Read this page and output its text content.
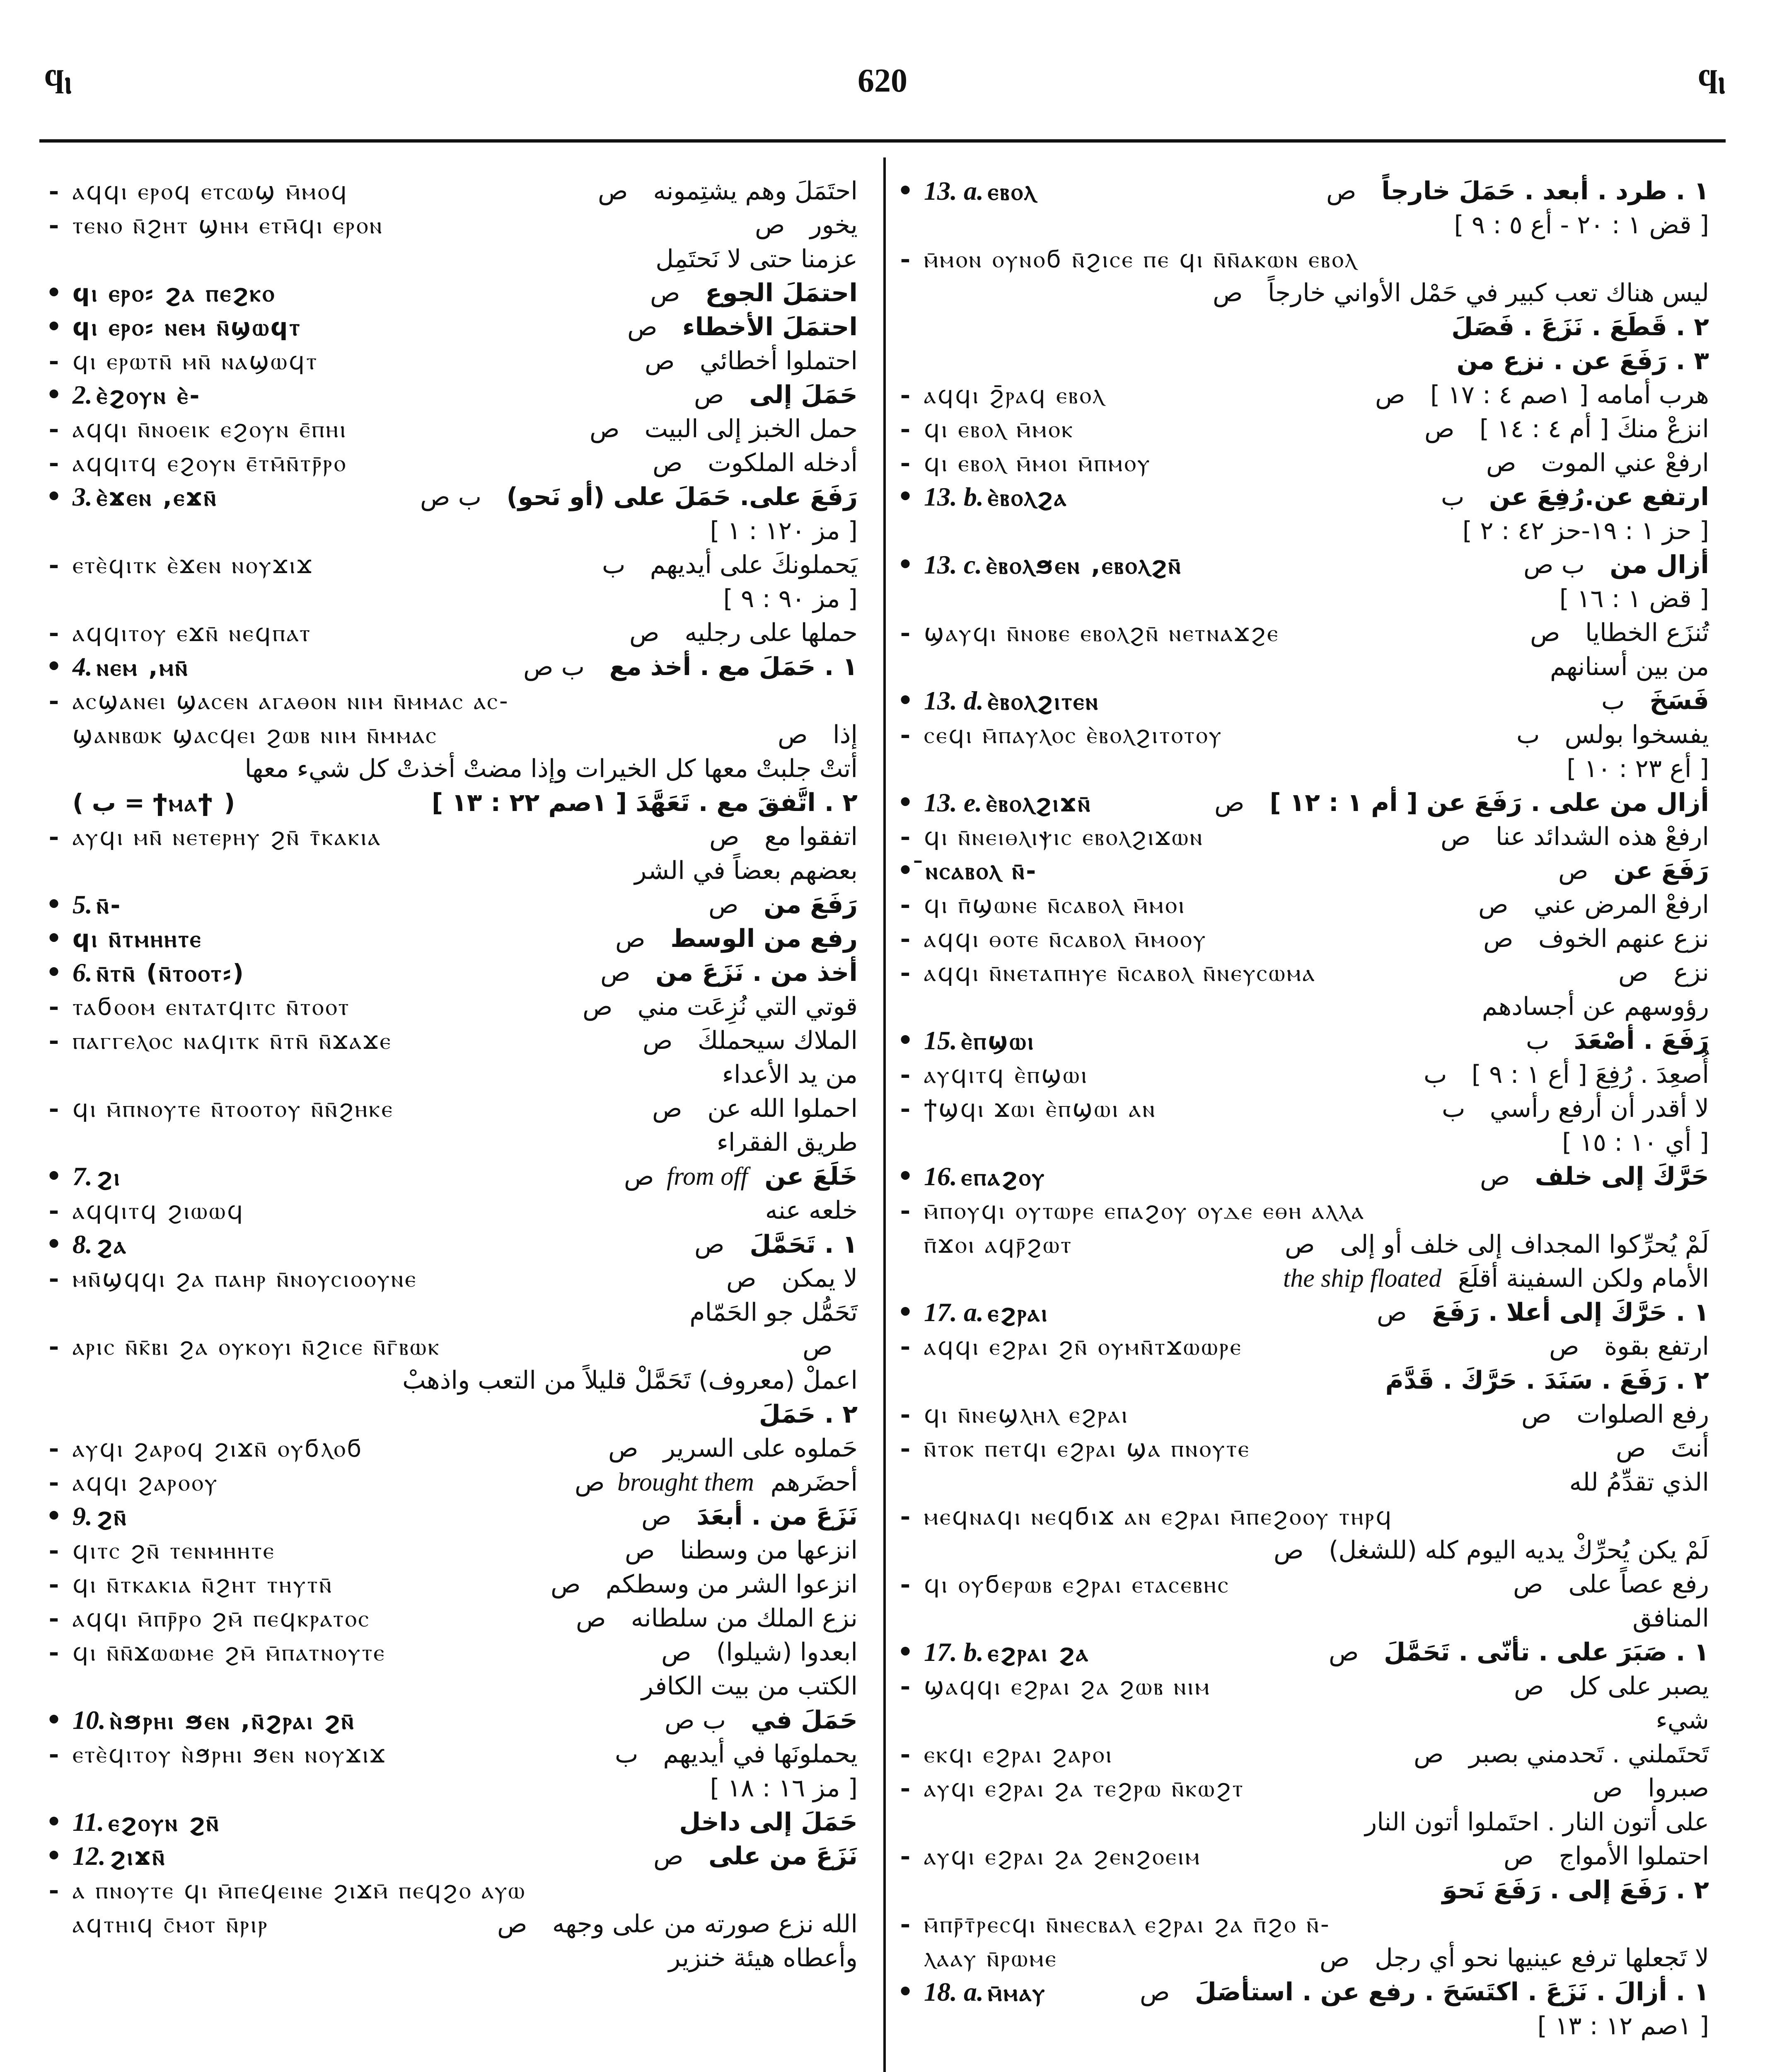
ϥⲓ	620	ϥⲓ
- ⲁϥϥⲓ ⲉⲣⲟϥ ⲉⲧⲥⲱϣ ⲙ̄ⲙⲟϥ	احتَمَلَ وهم يشتِمونه
ص
- ⲧⲉⲛⲟ ⲛ̄ϩⲏⲧ ϣⲏⲙ ⲉⲧⲙ̄ϥⲓ ⲉⲣⲟⲛ	يخور
ص
عزمنا حتى لا نَحتَمِل
• ϥⲓ ⲉⲣⲟ⸗ ϩⲁ ⲡⲉϩⲕⲟ	احتمَلَ الجوع
ص
• ϥⲓ ⲉⲣⲟ⸗ ⲛⲉⲙ ⲛ̄ϣⲱϥⲧ	احتمَلَ الأخطاء
ص
- ϥⲓ ⲉⲣⲱⲧⲛ̄ ⲙⲛ̄ ⲛⲁϣⲱϥⲧ	احتملوا أخطائي
ص
• 2. ⲉ̀ϩⲟⲩⲛ ⲉ̀-	حَمَلَ إلى
ص
- ⲁϥϥⲓ ⲛ̄ⲛⲟⲉⲓⲕ ⲉϩⲟⲩⲛ ⲉ̄ⲡⲏⲓ	حمل الخبز إلى البيت
ص
- ⲁϥϥⲓⲧϥ ⲉϩⲟⲩⲛ ⲉ̄ⲧⲙ̄ⲛ̄ⲧⲣ̄ⲣⲟ	أدخله الملكوت
ص
• 3. ⲉ̀ϫⲉⲛ ,ⲉϫⲛ̄	رَفَعَ على. حَمَلَ على (أو نَحو)
ب ص
[ مز ١٢٠ : ١ ]
- ⲉⲧⲉ̀ϥⲓⲧⲕ ⲉ̀ϫⲉⲛ ⲛⲟⲩϫⲓϫ	يَحملونكَ على أيديهم
ب
[ مز ٩٠ : ٩ ]
- ⲁϥϥⲓⲧⲟⲩ ⲉϫⲛ̄ ⲛⲉϥⲡⲁⲧ	حملها على رجليه
ص
• 4. ⲛⲉⲙ ,ⲙⲛ̄	١ . حَمَلَ مع . أخذ مع
ب ص
- ⲁⲥϣⲁⲛⲉⲓ ϣⲁⲥⲉⲛ ⲁⲅⲁⲑⲟⲛ ⲛⲓⲙ ⲛ̄ⲙⲙⲁⲥ ⲁⲥ-
ϣⲁⲛⲃⲱⲕ ϣⲁⲥϥⲉⲓ ϩⲱⲃ ⲛⲓⲙ ⲛ̄ⲙⲙⲁⲥ	إذا
ص
أتتْ جلبتْ معها كل الخيرات وإذا مضتْ أخذتْ كل شيء معها
( ب = ϯⲙⲁϯ )	٢ . اتَّفقَ مع . تَعَهَّدَ [ ١صم ٢٢ : ١٣ ]
- ⲁⲩϥⲓ ⲙⲛ̄ ⲛⲉⲧⲉⲣⲏⲩ ϩⲛ̄ ⲧ̄ⲕⲁⲕⲓⲁ	اتفقوا مع
ص
بعضهم بعضاً في الشر
• 5. ⲛ̄-	رَفَعَ من
ص
• ϥⲓ ⲛ̄ⲧⲙⲏⲏⲧⲉ	رفع من الوسط
ص
• 6. ⲛ̄ⲧⲛ̄ (ⲛ̄ⲧⲟⲟⲧ⸗)	أخذ من . نَزَعَ من
ص
- ⲧⲁϭⲟⲟⲙ ⲉⲛⲧⲁⲧϥⲓⲧⲥ ⲛ̄ⲧⲟⲟⲧ	قوتي التي نُزِعَت مني
ص
- ⲡⲁⲅⲅⲉⲗⲟⲥ ⲛⲁϥⲓⲧⲕ ⲛ̄ⲧⲛ̄ ⲛ̄ϫⲁϫⲉ	الملاك سيحملكَ
ص
من يد الأعداء
- ϥⲓ ⲙ̄ⲡⲛⲟⲩⲧⲉ ⲛ̄ⲧⲟⲟⲧⲟⲩ ⲛ̄ⲛ̄ϩⲏⲕⲉ	احملوا الله عن
ص
طريق الفقراء
• 7. ϩⲓ	خَلَعَ عن
ص from off
- ⲁϥϥⲓⲧϥ ϩⲓⲱⲱϥ	خلعه عنه
• 8. ϩⲁ	١ . تَحَمَّلَ
ص
- ⲙⲛ̄ϣϥϥⲓ ϩⲁ ⲡⲁⲏⲣ ⲛ̄ⲛⲟⲩⲥⲓⲟⲟⲩⲛⲉ	لا يمكن
ص
تَحَمُّل جو الحَمّام
- ⲁⲣⲓⲥ ⲛ̄ⲕ̄ⲃⲓ ϩⲁ ⲟⲩⲕⲟⲩⲓ ⲛ̄ϩⲓⲥⲉ ⲛ̄ⲅ̄ⲃⲱⲕ	ص
اعملْ (معروف) تَحَمَّلْ قليلاً من التعب واذهبْ
٢ . حَمَلَ
- ⲁⲩϥⲓ ϩⲁⲣⲟϥ ϩⲓϫⲛ̄ ⲟⲩϭⲗⲟϭ	حَملوه على السرير
ص
- ⲁϥϥⲓ ϩⲁⲣⲟⲟⲩ	أحضَرهم
ص brought them
• 9. ϩⲛ̄	نَزَعَ من . أبعَدَ
ص
- ϥⲓⲧⲥ ϩⲛ̄ ⲧⲉⲛⲙⲏⲏⲧⲉ	انزعها من وسطنا
ص
- ϥⲓ ⲛ̄ⲧⲕⲁⲕⲓⲁ ⲛ̄ϩⲏⲧ ⲧⲏⲩⲧⲛ̄	انزعوا الشر من وسطكم
ص
- ⲁϥϥⲓ ⲙ̄ⲡⲣ̄ⲣⲟ ϩⲙ̄ ⲡⲉϥⲕⲣⲁⲧⲟⲥ	نزع الملك من سلطانه
ص
- ϥⲓ ⲛ̄ⲛ̄ϫⲱⲱⲙⲉ ϩⲙ̄ ⲙ̄ⲡⲁⲧⲛⲟⲩⲧⲉ	ابعدوا (شيلوا)
ص
الكتب من بيت الكافر
• 10. ⲛ̀ϧⲣⲏⲓ ϧⲉⲛ ,ⲛ̄ϩⲣⲁⲓ ϩⲛ̄	حَمَلَ في
ب ص
- ⲉⲧⲉ̀ϥⲓⲧⲟⲩ ⲛ̀ϧⲣⲏⲓ ϧⲉⲛ ⲛⲟⲩϫⲓϫ	يحملونَها في أيديهم
ب
[ مز ١٦ : ١٨ ]
• 11. ⲉϩⲟⲩⲛ ϩⲛ̄	حَمَلَ إلى داخل
• 12. ϩⲓϫⲛ̄	نَزَعَ من على
ص
- ⲁ ⲡⲛⲟⲩⲧⲉ ϥⲓ ⲙ̄ⲡⲉϥⲉⲓⲛⲉ ϩⲓϫⲙ̄ ⲡⲉϥϩⲟ ⲁⲩⲱ
ⲁϥⲧⲏⲓϥ ⲥ̄ⲙⲟⲧ ⲛ̄ⲣⲓⲣ	الله نزع صورته من على وجهه
ص
وأعطاه هيئة خنزير
• 13. a. ⲉⲃⲟⲗ	١ . طرد . أبعد . حَمَلَ خارجاً
ص
[ قض ١ : ٢٠ - أع ٥ : ٩ ]
- ⲙ̄ⲙⲟⲛ ⲟⲩⲛⲟϭ ⲛ̄ϩⲓⲥⲉ ⲡⲉ ϥⲓ ⲛ̄ⲛ̄ⲁⲕⲱⲛ ⲉⲃⲟⲗ
ليس هناك تعب كبير في حَمْل الأواني خارجاً
ص
٢ . قَطَعَ . نَزَعَ . فَصَلَ
٣ . رَفَعَ عن . نزع من
- ⲁϥϥⲓ ϩ̄ⲣⲁϥ ⲉⲃⲟⲗ	هرب أمامه [ ١صم ٤ : ١٧ ]
ص
- ϥⲓ ⲉⲃⲟⲗ ⲙ̄ⲙⲟⲕ	انزعْ منكَ [ أم ٤ : ١٤ ]
ص
- ϥⲓ ⲉⲃⲟⲗ ⲙ̄ⲙⲟⲓ ⲙ̄ⲡⲙⲟⲩ	ارفعْ عني الموت
ص
• 13. b. ⲉ̀ⲃⲟⲗϩⲁ	ارتفع عن.رُفِعَ عن
ب
[ حز ١ : ١٩-حز ٤٢ : ٢ ]
• 13. c. ⲉ̀ⲃⲟⲗϧⲉⲛ ,ⲉⲃⲟⲗϩⲛ̄	أزال من
ب ص
[ قض ١ : ١٦ ]
- ϣⲁⲩϥⲓ ⲛ̄ⲛⲟⲃⲉ ⲉⲃⲟⲗϩⲛ̄ ⲛⲉⲧⲛⲁϫϩⲉ	تُنزَع الخطايا
ص
من بين أسنانهم
• 13. d. ⲉ̀ⲃⲟⲗϩⲓⲧⲉⲛ	فَسَخَ
ب
- ⲥⲉϥⲓ ⲙ̄ⲡⲁⲩⲗⲟⲥ ⲉ̀ⲃⲟⲗϩⲓⲧⲟⲧⲟⲩ	يفسخوا بولس
ب
[ أع ٢٣ : ١٠ ]
• 13. e. ⲉ̀ⲃⲟⲗϩⲓϫⲛ̄	أزال من على . رَفَعَ عن [ أم ١ : ١٢ ]
ص
- ϥⲓ ⲛ̄ⲛⲉⲓⲑⲗⲓⲯⲓⲥ ⲉⲃⲟⲗϩⲓϫⲱⲛ	ارفعْ هذه الشدائد عنا
ص
• ̄ⲛⲥⲁⲃⲟⲗ ⲛ̄-	رَفَعَ عن
ص
- ϥⲓ ⲡ̄ϣⲱⲛⲉ ⲛ̄ⲥⲁⲃⲟⲗ ⲙ̄ⲙⲟⲓ	ارفعْ المرض عني
ص
- ⲁϥϥⲓ ⲑⲟⲧⲉ ⲛ̄ⲥⲁⲃⲟⲗ ⲙ̄ⲙⲟⲟⲩ	نزع عنهم الخوف
ص
- ⲁϥϥⲓ ⲛ̄ⲛⲉⲧⲁⲡⲏⲩⲉ ⲛ̄ⲥⲁⲃⲟⲗ ⲛ̄ⲛⲉⲩⲥⲱⲙⲁ	نزع
ص
رؤوسهم عن أجسادهم
• 15. ⲉ̀ⲡϣⲱⲓ	رَفَعَ . أصْعَدَ
ب
- ⲁⲩϥⲓⲧϥ ⲉ̀ⲡϣⲱⲓ	أُصعِدَ . رُفِعَ [ أع ١ : ٩ ]
ب
- ϯϣϥⲓ ϫⲱⲓ ⲉ̀ⲡϣⲱⲓ ⲁⲛ	لا أقدر أن أرفع رأسي
ب
[ أي ١٠ : ١٥ ]
• 16. ⲉⲡⲁϩⲟⲩ	حَرَّكَ إلى خلف
ص
- ⲙ̄ⲡⲟⲩϥⲓ ⲟⲩⲧⲱⲣⲉ ⲉⲡⲁϩⲟⲩ ⲟⲩⲇⲉ ⲉⲑⲏ ⲁⲗⲗⲁ
ⲡ̄ϫⲟⲓ ⲁϥⲣ̄ϩⲱⲧ	لَمْ يُحرِّكوا المجداف إلى خلف أو إلى
ص
الأمام ولكن السفينة أقلَعَ
the ship floated
• 17. a. ⲉϩⲣⲁⲓ	١ . حَرَّكَ إلى أعلا . رَفَعَ
ص
- ⲁϥϥⲓ ⲉϩⲣⲁⲓ ϩⲛ̄ ⲟⲩⲙⲛ̄ⲧϫⲱⲱⲣⲉ	ارتفع بقوة
ص
٢ . رَفَعَ . سَنَدَ . حَرَّكَ . قَدَّمَ
- ϥⲓ ⲛ̄ⲛⲉϣⲗⲏⲗ ⲉϩⲣⲁⲓ	رفع الصلوات
ص
- ⲛ̄ⲧⲟⲕ ⲡⲉⲧϥⲓ ⲉϩⲣⲁⲓ ϣⲁ ⲡⲛⲟⲩⲧⲉ	أنتَ
ص
الذي تقدِّمُ لله
- ⲙⲉϥⲛⲁϥⲓ ⲛⲉϥϭⲓϫ ⲁⲛ ⲉϩⲣⲁⲓ ⲙ̄ⲡⲉϩⲟⲟⲩ ⲧⲏⲣϥ
لَمْ يكن يُحرِّكْ يديه اليوم كله (للشغل)
ص
- ϥⲓ ⲟⲩϭⲉⲣⲱⲃ ⲉϩⲣⲁⲓ ⲉⲧⲁⲥⲉⲃⲏⲥ	رفع عصاً على
ص
المنافق
• 17. b. ⲉϩⲣⲁⲓ ϩⲁ	١ . صَبَرَ على . تأنّى . تَحَمَّلَ
ص
- ϣⲁϥϥⲓ ⲉϩⲣⲁⲓ ϩⲁ ϩⲱⲃ ⲛⲓⲙ	يصبر على كل
ص
شيء
- ⲉⲕϥⲓ ⲉϩⲣⲁⲓ ϩⲁⲣⲟⲓ	تَحتَملني . تَحدمني بصبر
ص
- ⲁⲩϥⲓ ⲉϩⲣⲁⲓ ϩⲁ ⲧⲉϩⲣⲱ ⲛ̄ⲕⲱϩⲧ	صبروا
ص
على أتون النار . احتَملوا أتون النار
- ⲁⲩϥⲓ ⲉϩⲣⲁⲓ ϩⲁ ϩⲉⲛϩⲟⲉⲓⲙ	احتملوا الأمواج
ص
٢ . رَفَعَ إلى . رَفَعَ نَحوَ
- ⲙ̄ⲡⲣ̄ⲧ̄ⲣⲉⲥϥⲓ ⲛ̄ⲛⲉⲥⲃⲁⲗ ⲉϩⲣⲁⲓ ϩⲁ ⲡ̄ϩⲟ ⲛ̄-
ⲗⲁⲁⲩ ⲛ̄ⲣⲱⲙⲉ	لا تَجعلها ترفع عينيها نحو أي رجل
ص
• 18. a. ⲙ̄ⲙⲁⲩ	١ . أزالَ . نَزَعَ . اكتَسَحَ . رفع عن . استأصَلَ
ص
[ ١صم ١٢ : ١٣ ]
